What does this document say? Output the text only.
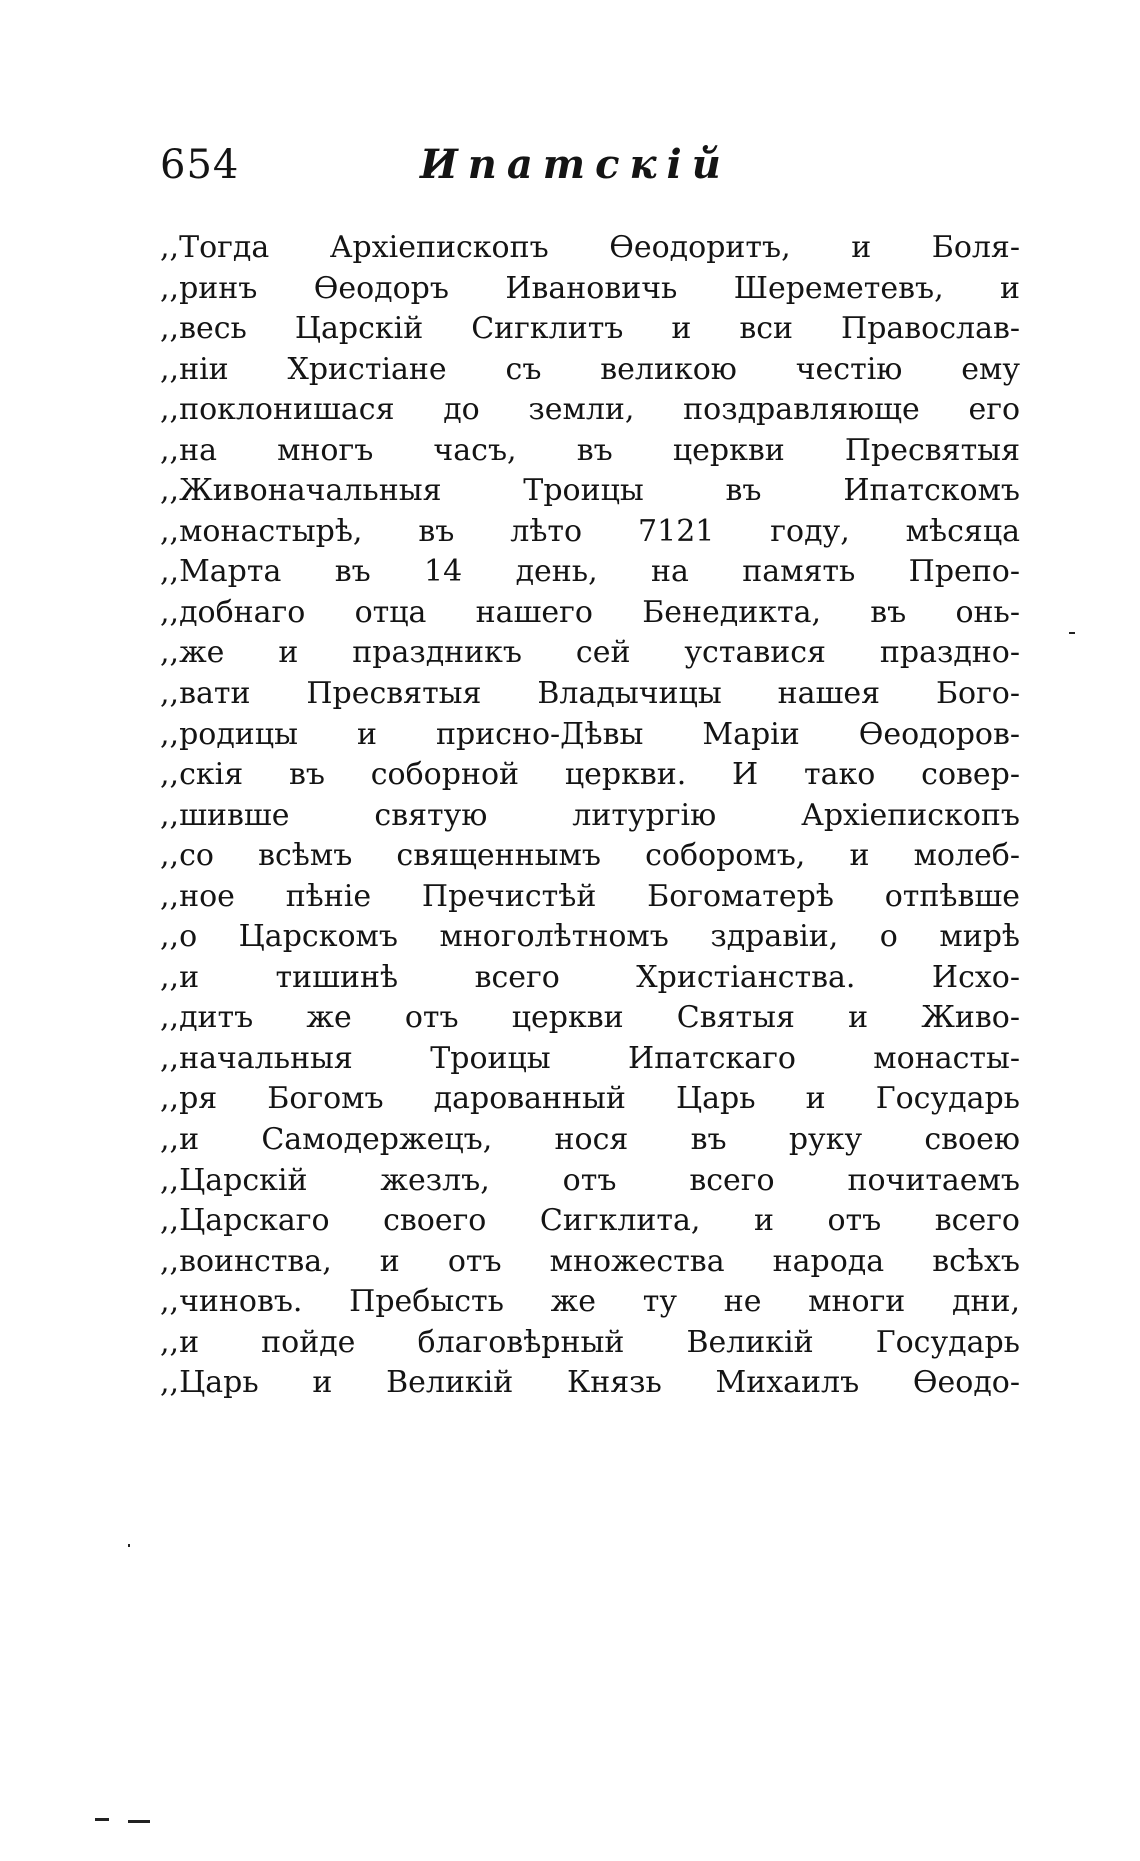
654	Ипатскій
,,Тогда Архіепископъ Ѳеодоритъ, и Боля-
,,ринъ Ѳеодоръ Ивановичь Шереметевъ, и
,,весь Царскій Сигклитъ и вси Православ-
,,ніи Христіане съ великою честію ему
,,поклонишася до земли, поздравляюще его
,,на многъ часъ, въ церкви Пресвятыя
,,Живоначальныя Троицы въ Ипатскомъ
,,монастырѣ, въ лѣто 7121 году, мѣсяца
,,Марта въ 14 день, на память Препо-
,,добнаго отца нашего Бенедикта, въ онь-
,,же и праздникъ сей уставися праздно-
,,вати Пресвятыя Владычицы нашея Бого-
,,родицы и присно-Дѣвы Маріи Ѳеодоров-
,,скія въ соборной церкви. И тако совер-
,,шивше святую литургію Архіепископъ
,,со всѣмъ священнымъ соборомъ, и молеб-
,,ное пѣніе Пречистѣй Богоматерѣ отпѣвше
,,о Царскомъ многолѣтномъ здравіи, о мирѣ
,,и тишинѣ всего Христіанства. Исхо-
,,дитъ же отъ церкви Святыя и Живо-
,,начальныя Троицы Ипатскаго монасты-
,,ря Богомъ дарованный Царь и Государь
,,и Самодержецъ, нося въ руку своею
,,Царскій жезлъ, отъ всего почитаемъ
,,Царскаго своего Сигклита, и отъ всего
,,воинства, и отъ множества народа всѣхъ
,,чиновъ. Пребысть же ту не многи дни,
,,и пойде благовѣрный Великій Государь
,,Царь и Великій Князь Михаилъ Ѳеодо-
